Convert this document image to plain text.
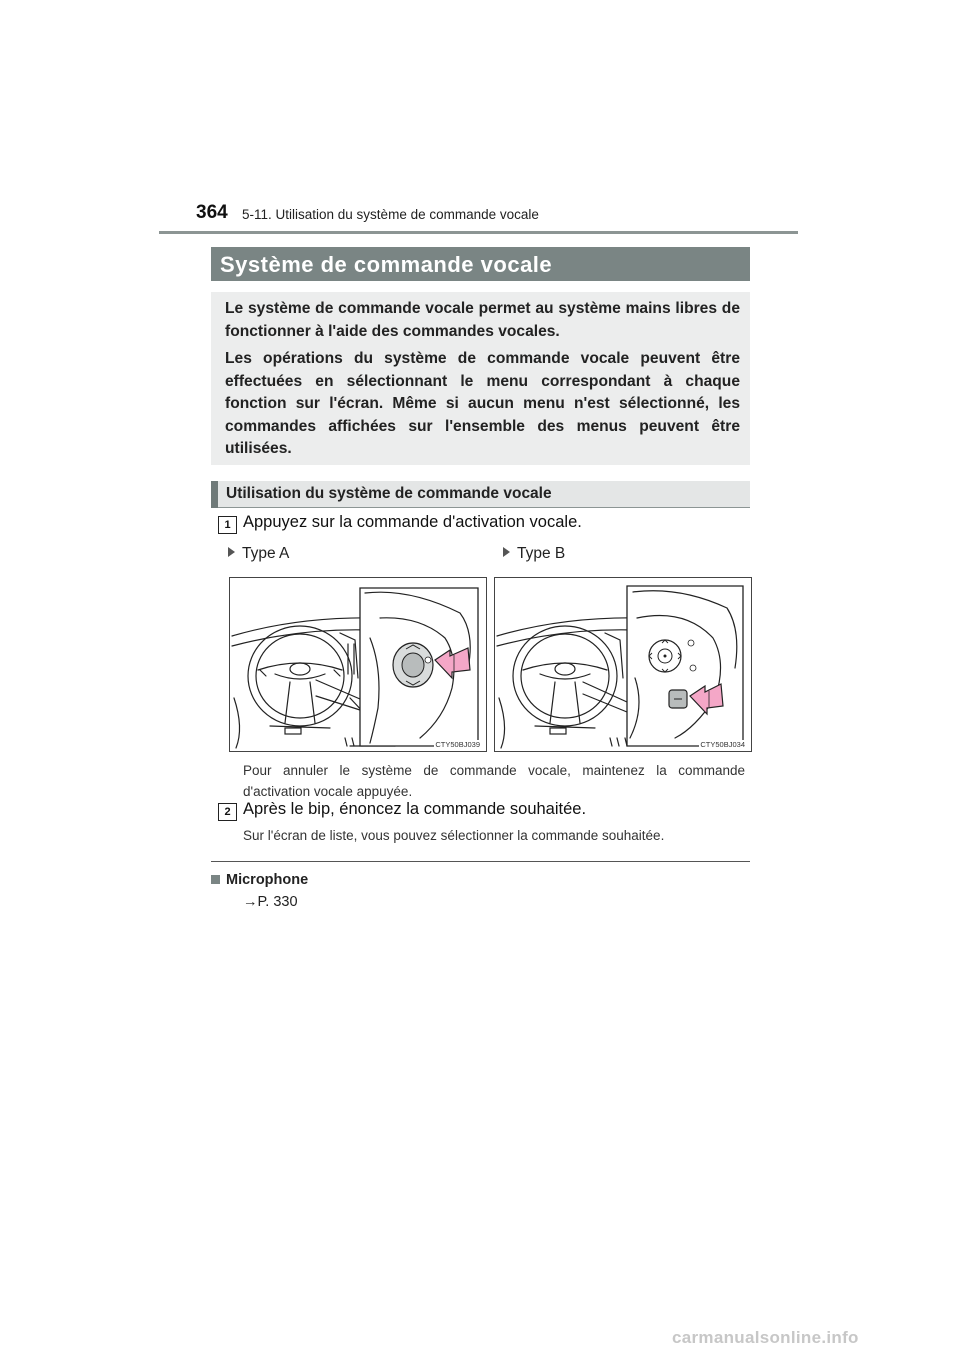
364 5-11. Utilisation du système de commande vocale
Système de commande vocale
Le système de commande vocale permet au système mains libres de fonctionner à l'aide des commandes vocales.
Les opérations du système de commande vocale peuvent être effectuées en sélectionnant le menu correspondant à chaque fonction sur l'écran. Même si aucun menu n'est sélectionné, les commandes affichées sur l'ensemble des menus peuvent être utilisées.
Utilisation du système de commande vocale
1 Appuyez sur la commande d'activation vocale.
Type A	Type B
CTY50BJ039	CTY50BJ034
Pour annuler le système de commande vocale, maintenez la commande d'activation vocale appuyée.
2 Après le bip, énoncez la commande souhaitée.
Sur l'écran de liste, vous pouvez sélectionner la commande souhaitée.
Microphone
→P. 330
carmanualsonline.info
